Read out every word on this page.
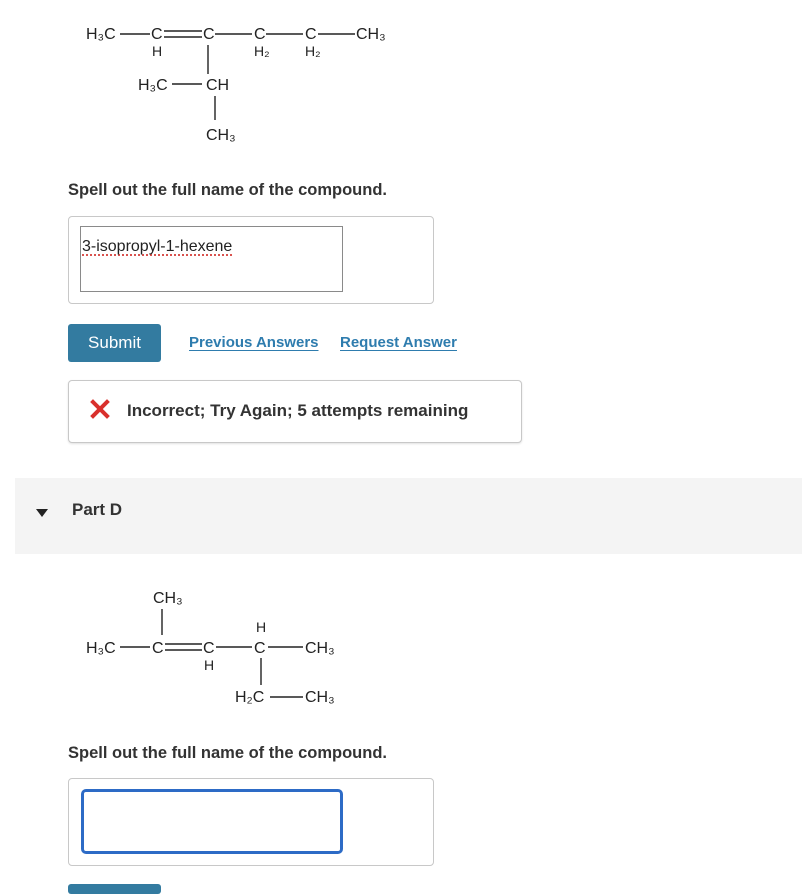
H₃C C
H
C C
H₂
C
H₂
CH₃
H₃C CH
CH₃
Spell out the full name of the compound.
3-isopropyl-1-hexene
Submit	Previous Answers Request Answer
Incorrect; Try Again; 5 attempts remaining
Part D
CH₃
H₃C C C
H
H
C CH₃
H₂C	CH₃
Spell out the full name of the compound.
